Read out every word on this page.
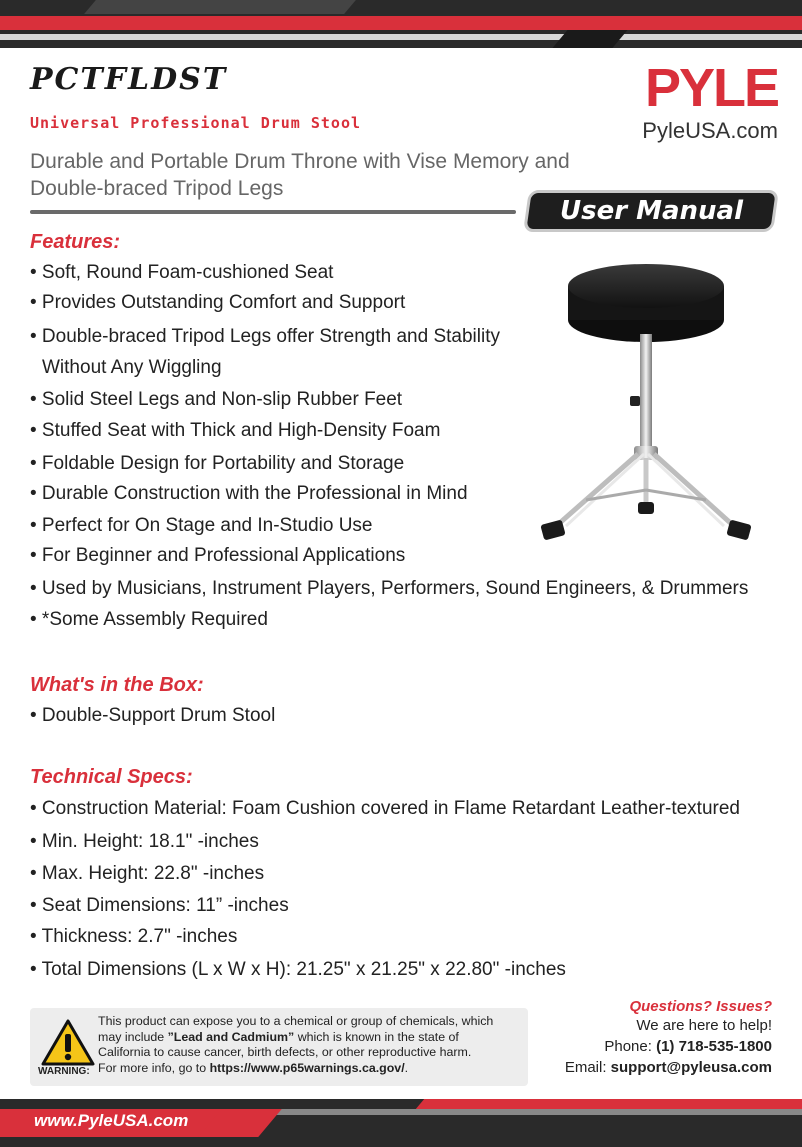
PCTFLDST
Universal Professional Drum Stool
Durable and Portable Drum Throne with Vise Memory and Double-braced Tripod Legs
PYLE
PyleUSA.com
User Manual
Features:
• Soft, Round Foam-cushioned Seat
• Provides Outstanding Comfort and Support
• Double-braced Tripod Legs offer Strength and Stability
Without Any Wiggling
• Solid Steel Legs and Non-slip Rubber Feet
• Stuffed Seat with Thick and High-Density Foam
• Foldable Design for Portability and Storage
• Durable Construction with the Professional in Mind
• Perfect for On Stage and In-Studio Use
• For Beginner and Professional Applications
• Used by Musicians, Instrument Players, Performers, Sound Engineers, & Drummers
• *Some Assembly Required
What's in the Box:
• Double-Support Drum Stool
Technical Specs:
• Construction Material: Foam Cushion covered in Flame Retardant Leather-textured
• Min. Height: 18.1" -inches
• Max. Height: 22.8" -inches
• Seat Dimensions: 11” -inches
• Thickness: 2.7" -inches
• Total Dimensions (L x W x H): 21.25" x 21.25" x 22.80" -inches
WARNING:
This product can expose you to a chemical or group of chemicals, which
may include ”Lead and Cadmium” which is known in the state of
California to cause cancer, birth defects, or other reproductive harm.
For more info, go to https://www.p65warnings.ca.gov/.
Questions? Issues?
We are here to help!
Phone: (1) 718-535-1800
Email: support@pyleusa.com
www.PyleUSA.com
